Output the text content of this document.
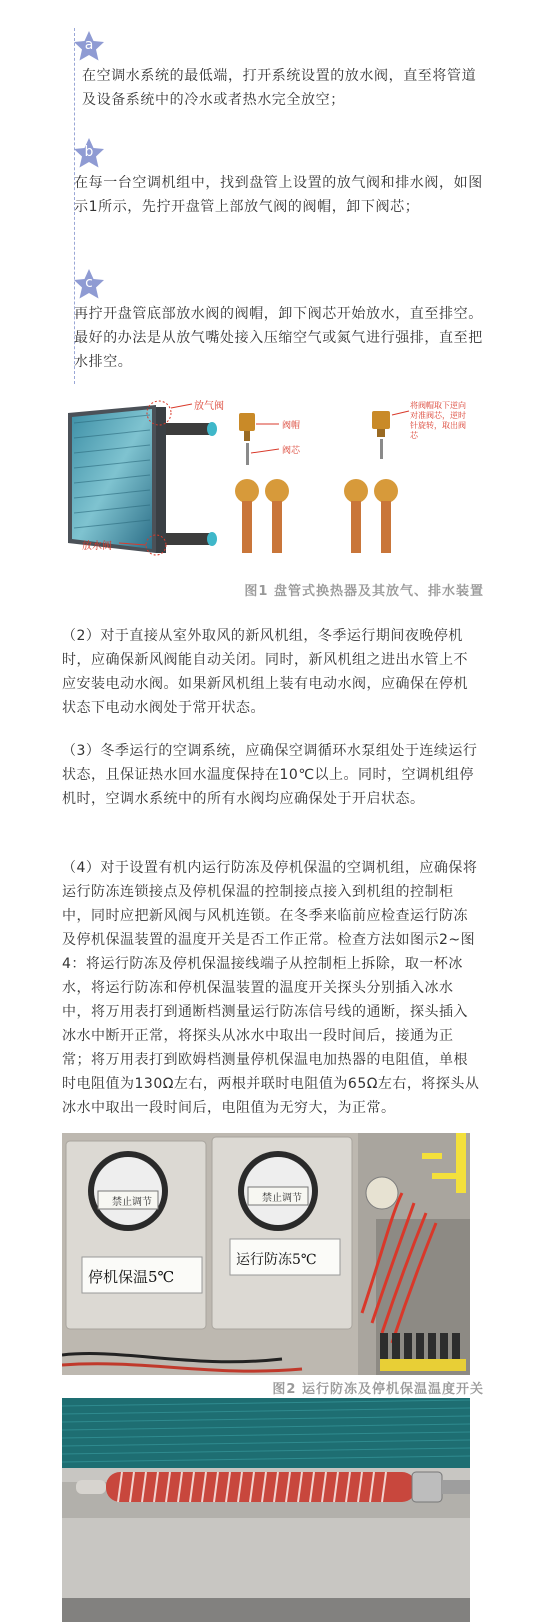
a
在空调水系统的最低端，打开系统设置的放水阀，直至将管道及设备系统中的冷水或者热水完全放空；
b
在每一台空调机组中，找到盘管上设置的放气阀和排水阀，如图示1所示，先拧开盘管上部放气阀的阀帽，卸下阀芯；
c
再拧开盘管底部放水阀的阀帽，卸下阀芯开始放水，直至排空。最好的办法是从放气嘴处接入压缩空气或氮气进行强排，直至把水排空。
放气阀
放水阀
阀帽
阀芯
将阀帽取下逆向对准阀芯，逆时针旋转，取出阀芯
图1 盘管式换热器及其放气、排水装置
（2）对于直接从室外取风的新风机组，冬季运行期间夜晚停机时，应确保新风阀能自动关闭。同时，新风机组之进出水管上不应安装电动水阀。如果新风机组上装有电动水阀，应确保在停机状态下电动水阀处于常开状态。
（3）冬季运行的空调系统，应确保空调循环水泵组处于连续运行状态，且保证热水回水温度保持在10℃以上。同时，空调机组停机时，空调水系统中的所有水阀均应确保处于开启状态。
（4）对于设置有机内运行防冻及停机保温的空调机组，应确保将运行防冻连锁接点及停机保温的控制接点接入到机组的控制柜中，同时应把新风阀与风机连锁。在冬季来临前应检查运行防冻及停机保温装置的温度开关是否工作正常。检查方法如图示2~图4：将运行防冻及停机保温接线端子从控制柜上拆除，取一杯冰水，将运行防冻和停机保温装置的温度开关探头分别插入冰水中，将万用表打到通断档测量运行防冻信号线的通断，探头插入冰水中断开正常，将探头从冰水中取出一段时间后，接通为正常；将万用表打到欧姆档测量停机保温电加热器的电阻值，单根时电阻值为130Ω左右，两根并联时电阻值为65Ω左右，将探头从冰水中取出一段时间后，电阻值为无穷大，为正常。
禁止调节	禁止调节
停机保温5℃
运行防冻5℃
图2 运行防冻及停机保温温度开关
